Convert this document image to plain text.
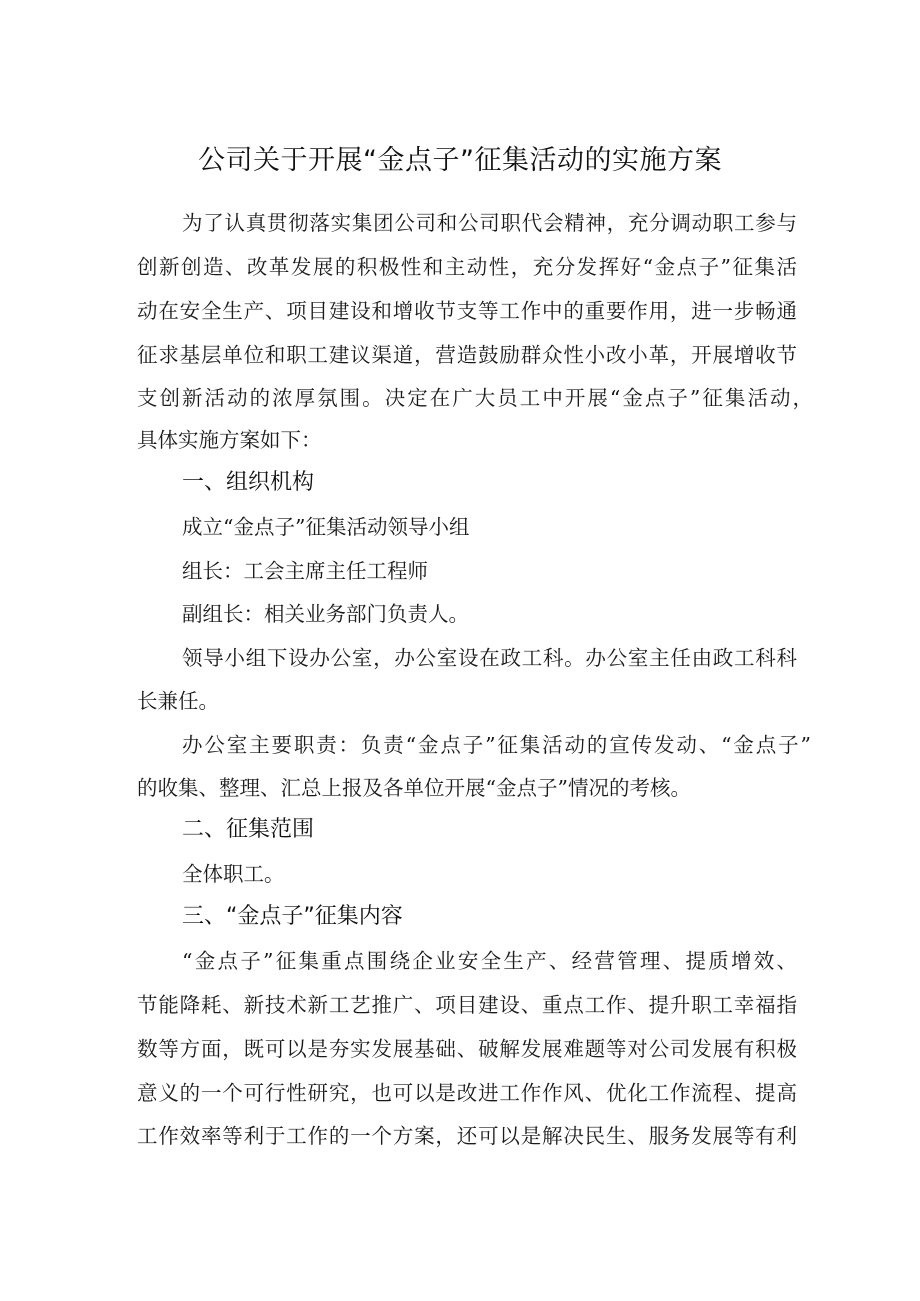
公司关于开展“金点子”征集活动的实施方案
为了认真贯彻落实集团公司和公司职代会精神，充分调动职工参与
创新创造、改革发展的积极性和主动性，充分发挥好“金点子”征集活
动在安全生产、项目建设和增收节支等工作中的重要作用，进一步畅通
征求基层单位和职工建议渠道，营造鼓励群众性小改小革，开展增收节
支创新活动的浓厚氛围。决定在广大员工中开展“金点子”征集活动，
具体实施方案如下：
一、组织机构
成立“金点子”征集活动领导小组
组长：工会主席主任工程师
副组长：相关业务部门负责人。
领导小组下设办公室，办公室设在政工科。办公室主任由政工科科
长兼任。
办公室主要职责：负责“金点子”征集活动的宣传发动、“金点子”
的收集、整理、汇总上报及各单位开展“金点子”情况的考核。
二、征集范围
全体职工。
三、“金点子”征集内容
“金点子”征集重点围绕企业安全生产、经营管理、提质增效、
节能降耗、新技术新工艺推广、项目建设、重点工作、提升职工幸福指
数等方面，既可以是夯实发展基础、破解发展难题等对公司发展有积极
意义的一个可行性研究，也可以是改进工作作风、优化工作流程、提高
工作效率等利于工作的一个方案，还可以是解决民生、服务发展等有利
